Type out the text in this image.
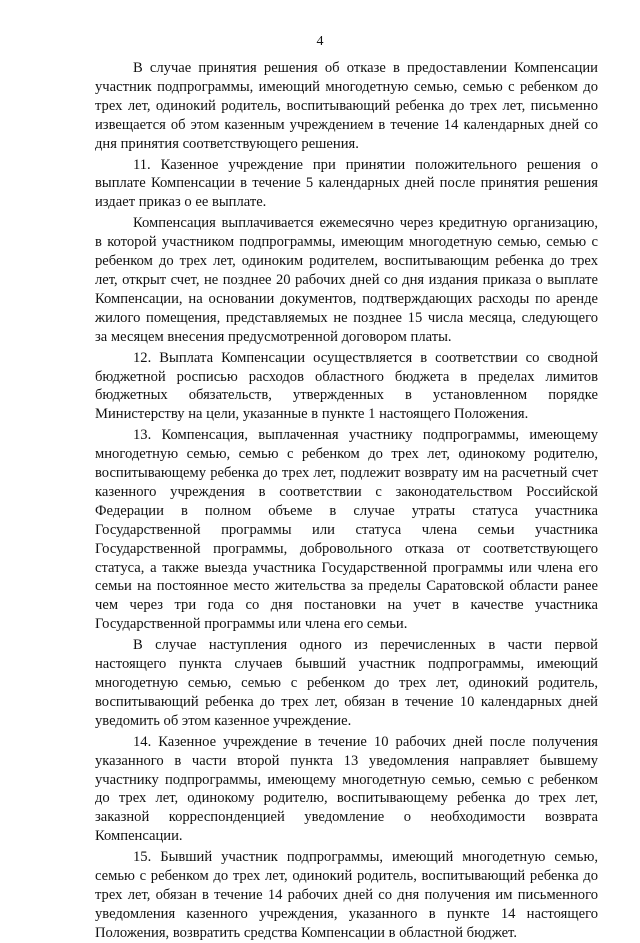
4

В случае принятия решения об отказе в предоставлении Компенсации участник подпрограммы, имеющий многодетную семью, семью с ребенком до трех лет, одинокий родитель, воспитывающий ребенка до трех лет, письменно извещается об этом казенным учреждением в течение 14 календарных дней со дня принятия соответствующего решения.

11. Казенное учреждение при принятии положительного решения о выплате Компенсации в течение 5 календарных дней после принятия решения издает приказ о ее выплате.

Компенсация выплачивается ежемесячно через кредитную организацию, в которой участником подпрограммы, имеющим многодетную семью, семью с ребенком до трех лет, одиноким родителем, воспитывающим ребенка до трех лет, открыт счет, не позднее 20 рабочих дней со дня издания приказа о выплате Компенсации, на основании документов, подтверждающих расходы по аренде жилого помещения, представляемых не позднее 15 числа месяца, следующего за месяцем внесения предусмотренной договором платы.

12. Выплата Компенсации осуществляется в соответствии со сводной бюджетной росписью расходов областного бюджета в пределах лимитов бюджетных обязательств, утвержденных в установленном порядке Министерству на цели, указанные в пункте 1 настоящего Положения.

13. Компенсация, выплаченная участнику подпрограммы, имеющему многодетную семью, семью с ребенком до трех лет, одинокому родителю, воспитывающему ребенка до трех лет, подлежит возврату им на расчетный счет казенного учреждения в соответствии с законодательством Российской Федерации в полном объеме в случае утраты статуса участника Государственной программы или статуса члена семьи участника Государственной программы, добровольного отказа от соответствующего статуса, а также выезда участника Государственной программы или члена его семьи на постоянное место жительства за пределы Саратовской области ранее чем через три года со дня постановки на учет в качестве участника Государственной программы или члена его семьи.

В случае наступления одного из перечисленных в части первой настоящего пункта случаев бывший участник подпрограммы, имеющий многодетную семью, семью с ребенком до трех лет, одинокий родитель, воспитывающий ребенка до трех лет, обязан в течение 10 календарных дней уведомить об этом казенное учреждение.

14. Казенное учреждение в течение 10 рабочих дней после получения указанного в части второй пункта 13 уведомления направляет бывшему участнику подпрограммы, имеющему многодетную семью, семью с ребенком до трех лет, одинокому родителю, воспитывающему ребенка до трех лет, заказной корреспонденцией уведомление о необходимости возврата Компенсации.

15. Бывший участник подпрограммы, имеющий многодетную семью, семью с ребенком до трех лет, одинокий родитель, воспитывающий ребенка до трех лет, обязан в течение 14 рабочих дней со дня получения им письменного уведомления казенного учреждения, указанного в пункте 14 настоящего Положения, возвратить средства Компенсации в областной бюджет.
